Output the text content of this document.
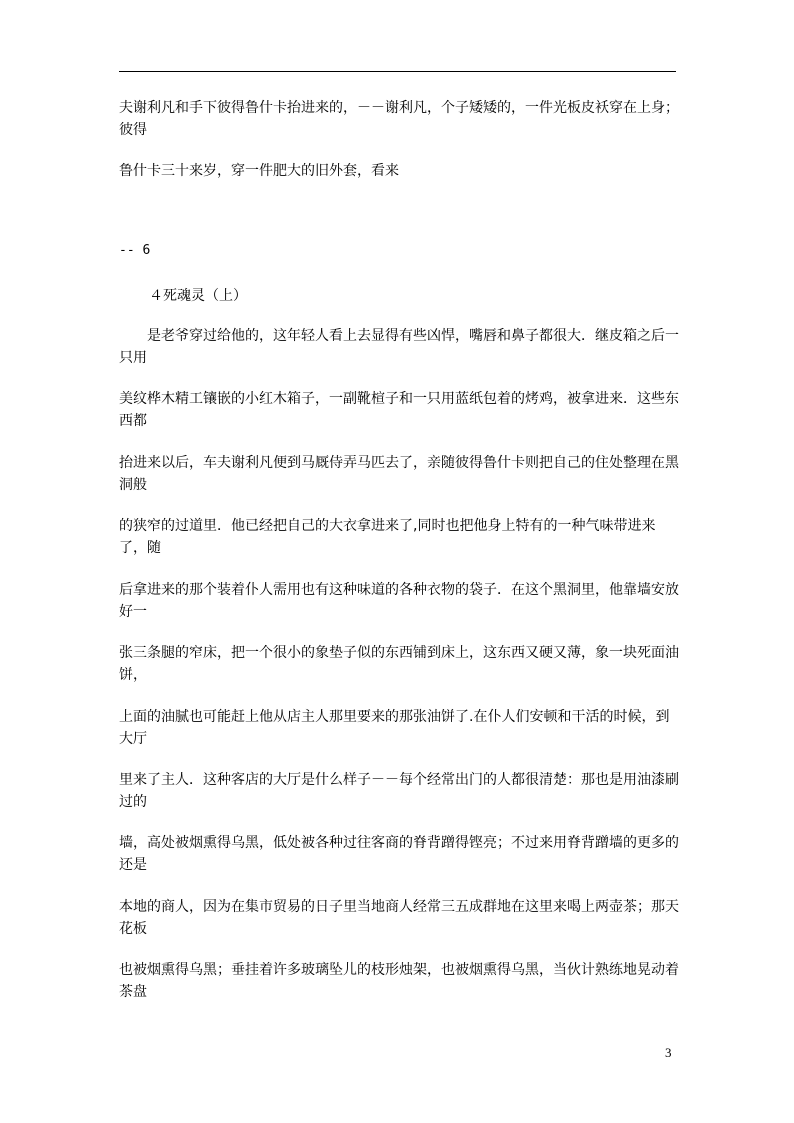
夫谢利凡和手下彼得鲁什卡抬进来的，－－谢利凡，个子矮矮的，一件光板皮袄穿在上身；彼得
鲁什卡三十来岁，穿一件肥大的旧外套，看来
-- 6
４死魂灵（上）
是老爷穿过给他的，这年轻人看上去显得有些凶悍，嘴唇和鼻子都很大．继皮箱之后一只用
美纹桦木精工镶嵌的小红木箱子，一副靴楦子和一只用蓝纸包着的烤鸡，被拿进来．这些东西都
抬进来以后，车夫谢利凡便到马厩侍弄马匹去了，亲随彼得鲁什卡则把自己的住处整理在黑洞般
的狭窄的过道里．他已经把自己的大衣拿进来了,同时也把他身上特有的一种气味带进来了，随
后拿进来的那个装着仆人需用也有这种味道的各种衣物的袋子．在这个黑洞里，他靠墙安放好一
张三条腿的窄床，把一个很小的象垫子似的东西铺到床上，这东西又硬又薄，象一块死面油饼，
上面的油腻也可能赶上他从店主人那里要来的那张油饼了.在仆人们安顿和干活的时候，到大厅
里来了主人．这种客店的大厅是什么样子－－每个经常出门的人都很清楚：那也是用油漆刷过的
墙，高处被烟熏得乌黑，低处被各种过往客商的脊背蹭得铿亮；不过来用脊背蹭墙的更多的还是
本地的商人，因为在集市贸易的日子里当地商人经常三五成群地在这里来喝上两壶茶；那天花板
也被烟熏得乌黑；垂挂着许多玻璃坠儿的枝形烛架，也被烟熏得乌黑，当伙计熟练地晃动着茶盘
3
